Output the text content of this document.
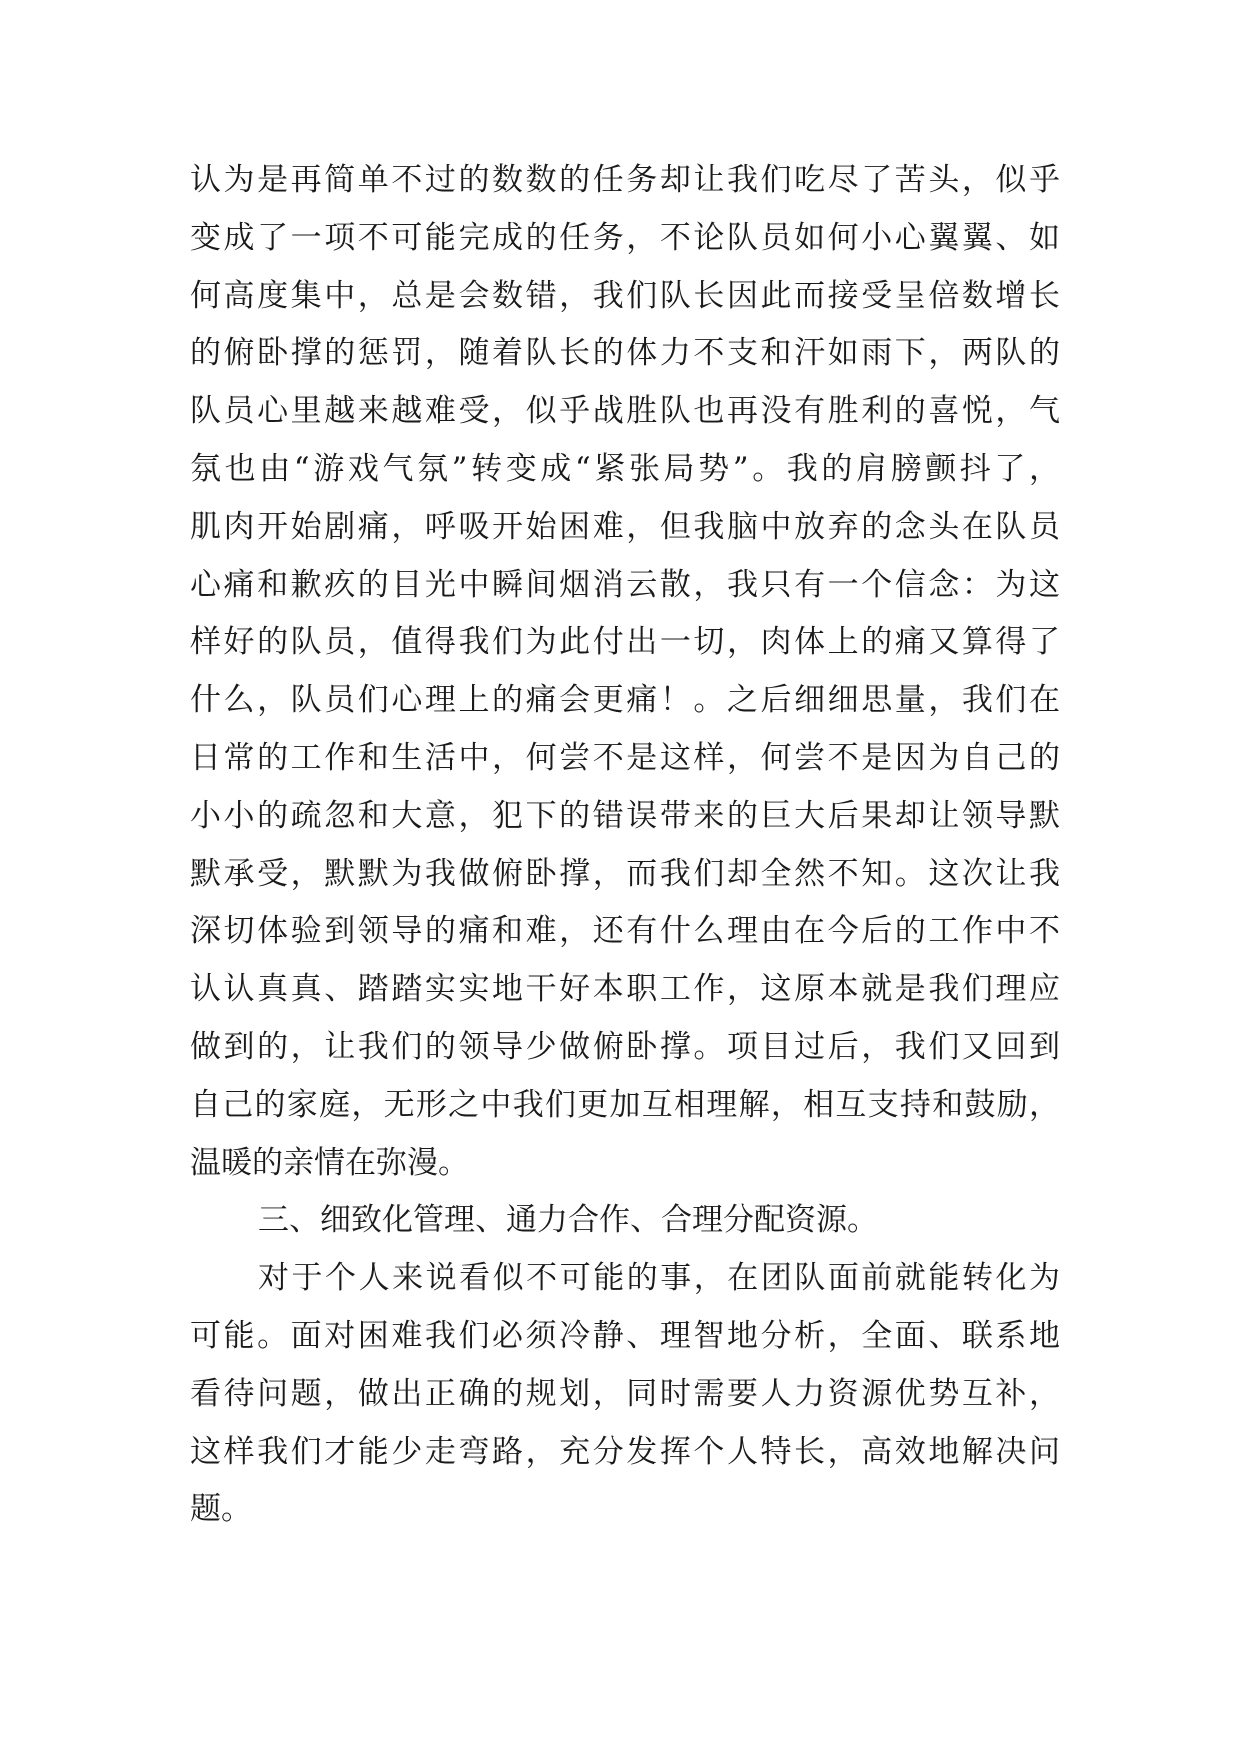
认为是再简单不过的数数的任务却让我们吃尽了苦头，似乎
变成了一项不可能完成的任务，不论队员如何小心翼翼、如
何高度集中，总是会数错，我们队长因此而接受呈倍数增长
的俯卧撑的惩罚，随着队长的体力不支和汗如雨下，两队的
队员心里越来越难受，似乎战胜队也再没有胜利的喜悦，气
氛也由“游戏气氛”转变成“紧张局势”。我的肩膀颤抖了，
肌肉开始剧痛，呼吸开始困难，但我脑中放弃的念头在队员
心痛和歉疚的目光中瞬间烟消云散，我只有一个信念：为这
样好的队员，值得我们为此付出一切，肉体上的痛又算得了
什么，队员们心理上的痛会更痛！。之后细细思量，我们在
日常的工作和生活中，何尝不是这样，何尝不是因为自己的
小小的疏忽和大意，犯下的错误带来的巨大后果却让领导默
默承受，默默为我做俯卧撑，而我们却全然不知。这次让我
深切体验到领导的痛和难，还有什么理由在今后的工作中不
认认真真、踏踏实实地干好本职工作，这原本就是我们理应
做到的，让我们的领导少做俯卧撑。项目过后，我们又回到
自己的家庭，无形之中我们更加互相理解，相互支持和鼓励，
温暖的亲情在弥漫。
三、细致化管理、通力合作、合理分配资源。
对于个人来说看似不可能的事，在团队面前就能转化为
可能。面对困难我们必须冷静、理智地分析，全面、联系地
看待问题，做出正确的规划，同时需要人力资源优势互补，
这样我们才能少走弯路，充分发挥个人特长，高效地解决问
题。
